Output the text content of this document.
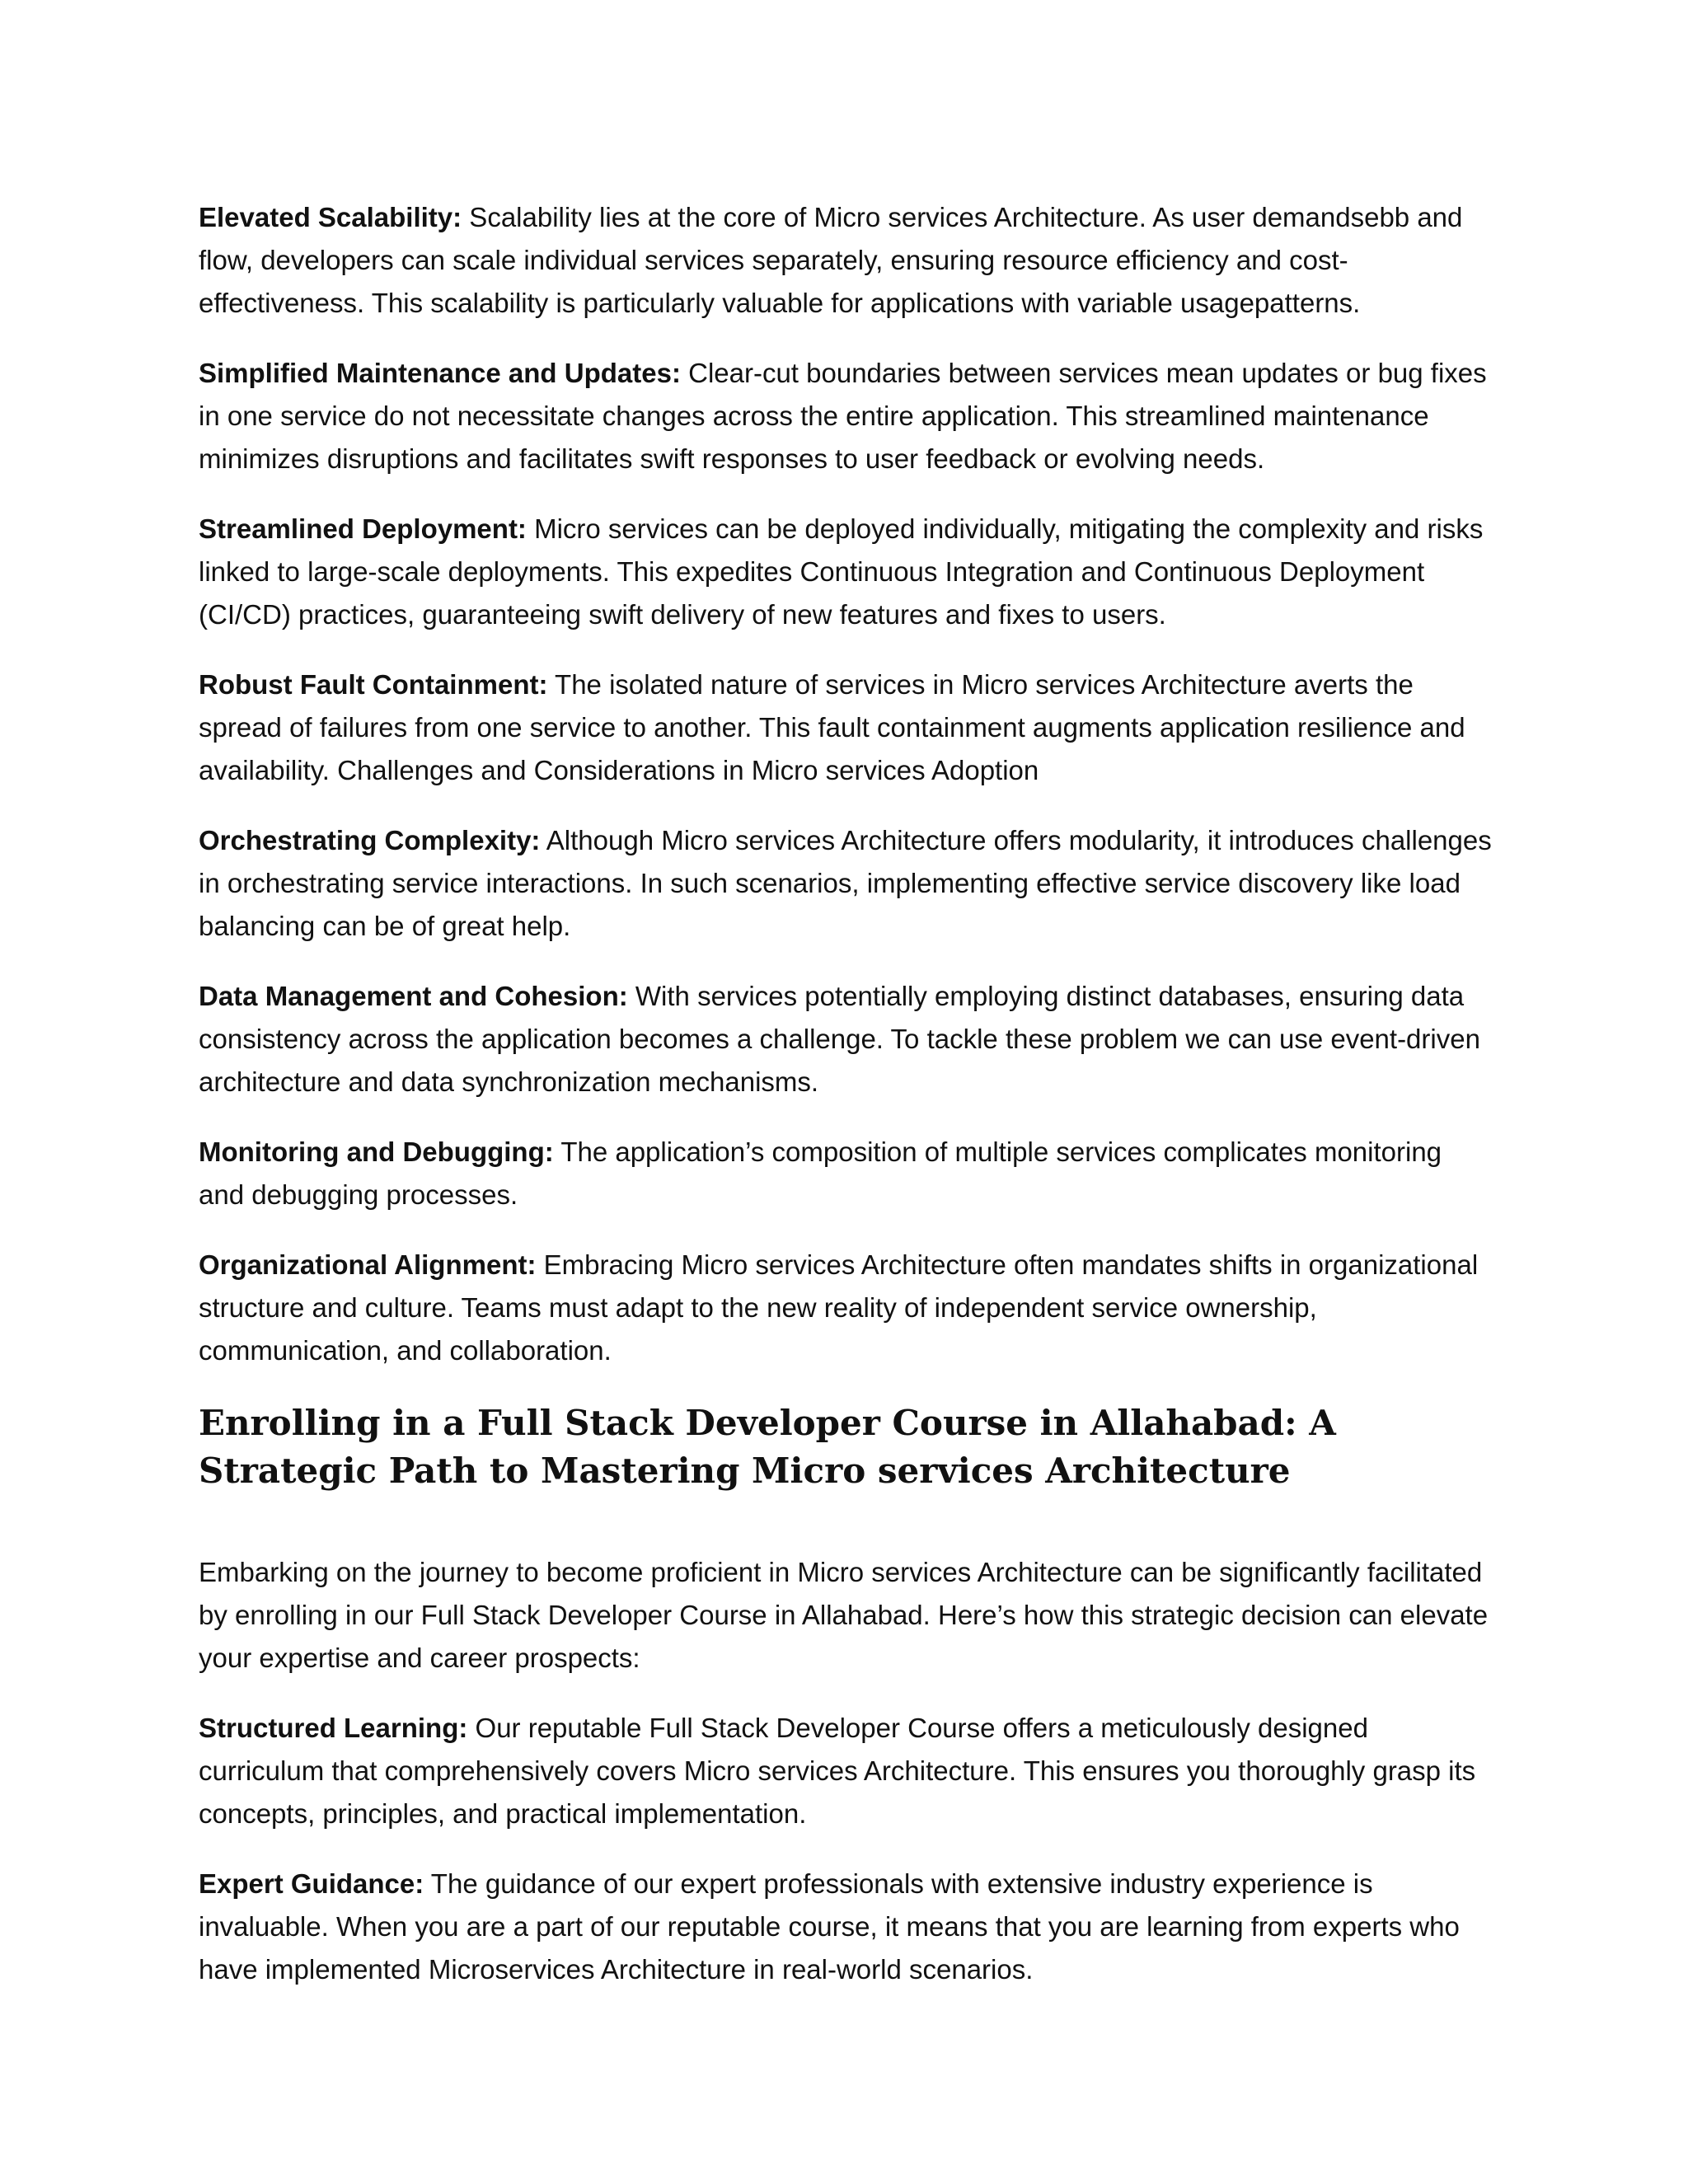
Elevated Scalability: Scalability lies at the core of Micro services Architecture. As user demandsebb and flow, developers can scale individual services separately, ensuring resource efficiency and cost-effectiveness. This scalability is particularly valuable for applications with variable usagepatterns.

Simplified Maintenance and Updates: Clear-cut boundaries between services mean updates or bug fixes in one service do not necessitate changes across the entire application. This streamlined maintenance minimizes disruptions and facilitates swift responses to user feedback or evolving needs.

Streamlined Deployment: Micro services can be deployed individually, mitigating the complexity and risks linked to large-scale deployments. This expedites Continuous Integration and Continuous Deployment (CI/CD) practices, guaranteeing swift delivery of new features and fixes to users.

Robust Fault Containment: The isolated nature of services in Micro services Architecture averts the spread of failures from one service to another. This fault containment augments application resilience and availability. Challenges and Considerations in Micro services Adoption

Orchestrating Complexity: Although Micro services Architecture offers modularity, it introduces challenges in orchestrating service interactions. In such scenarios, implementing effective service discovery like load balancing can be of great help.

Data Management and Cohesion: With services potentially employing distinct databases, ensuring data consistency across the application becomes a challenge. To tackle these problem we can use event-driven architecture and data synchronization mechanisms.

Monitoring and Debugging: The application’s composition of multiple services complicates monitoring and debugging processes.

Organizational Alignment: Embracing Micro services Architecture often mandates shifts in organizational structure and culture. Teams must adapt to the new reality of independent service ownership, communication, and collaboration.

Enrolling in a Full Stack Developer Course in Allahabad: A Strategic Path to Mastering Micro services Architecture

Embarking on the journey to become proficient in Micro services Architecture can be significantly facilitated by enrolling in our Full Stack Developer Course in Allahabad. Here’s how this strategic decision can elevate your expertise and career prospects:

Structured Learning: Our reputable Full Stack Developer Course offers a meticulously designed curriculum that comprehensively covers Micro services Architecture. This ensures you thoroughly grasp its concepts, principles, and practical implementation.

Expert Guidance: The guidance of our expert professionals with extensive industry experience is invaluable. When you are a part of our reputable course, it means that you are learning from experts who have implemented Microservices Architecture in real-world scenarios.
